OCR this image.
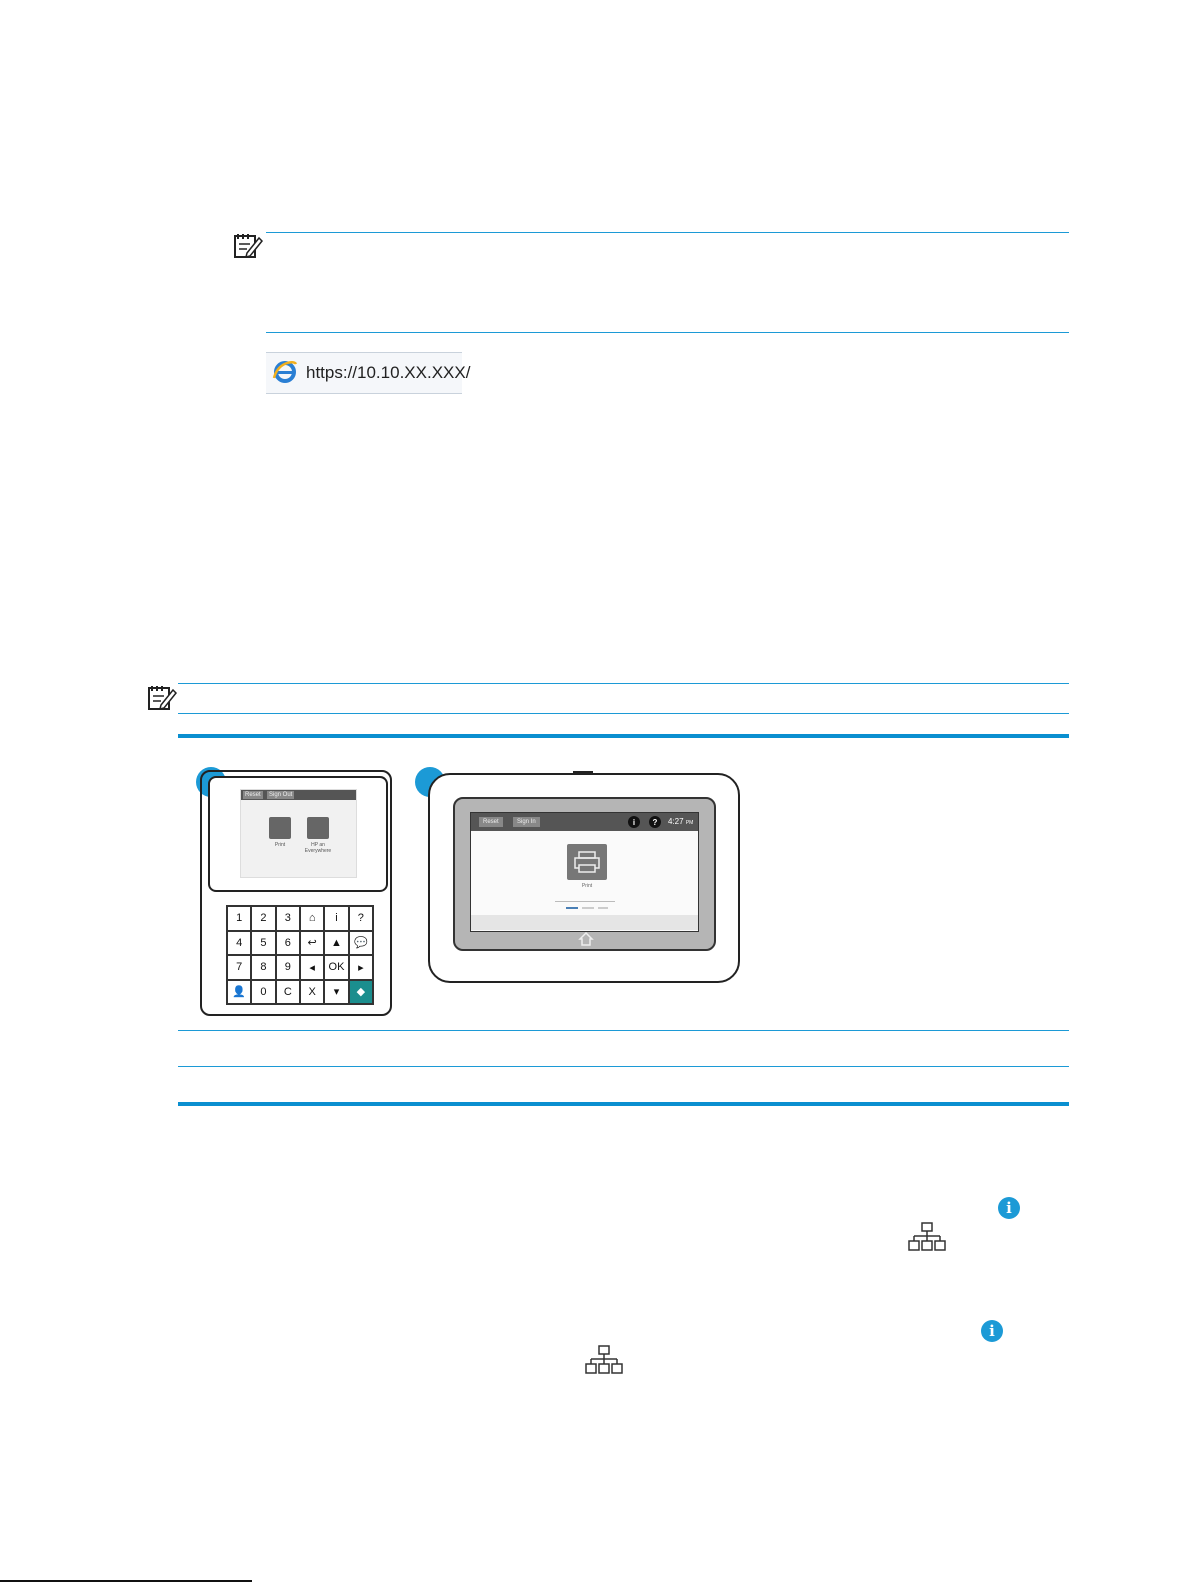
https://10.10.XX.XXX/
Reset	Sign Out
Print	HP an Everywhere
1	2	3	⌂	i	?
4	5	6	↩	▲	💬
7	8	9	◂	OK	▸
👤	0	C	X	▾	◆
Reset	Sign In	i	?	4:27 PM
Print
i
i
